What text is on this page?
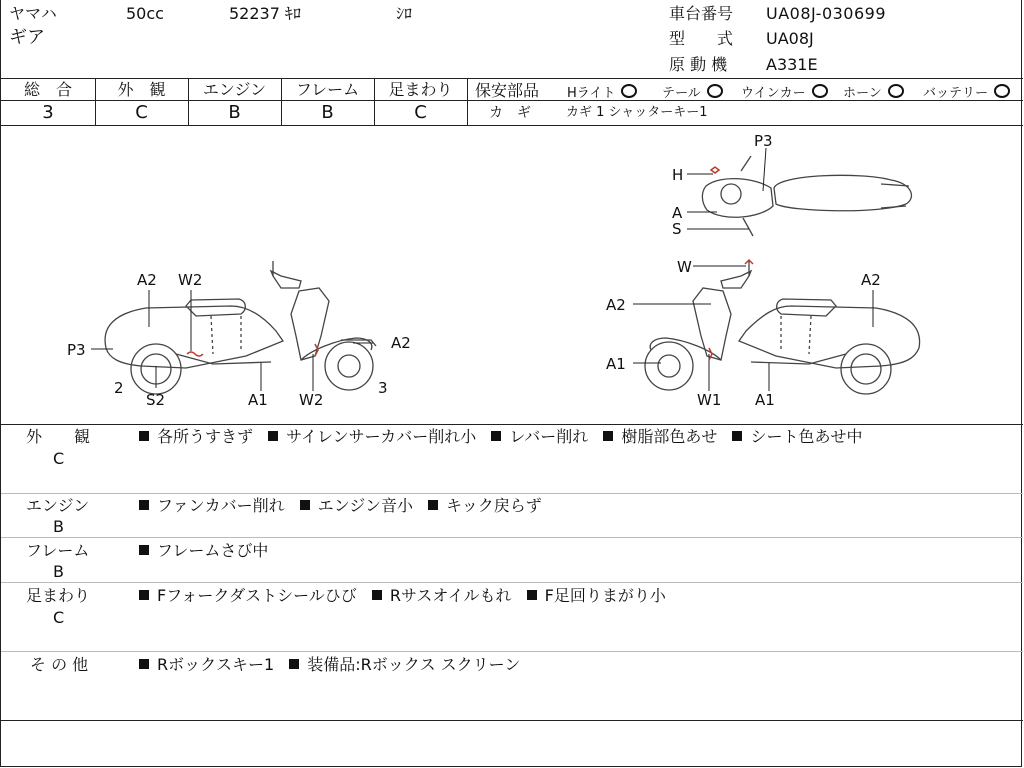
ヤマハ	50cc	52237 ｷﾛ	ｼﾛ
ギア
車台番号 UA08J-030699
型　　式 UA08J
原 動 機 A331E
総　合
3
外　観
C
エンジン
B
フレーム
B
足まわり
C
保安部品 Hライト	テール	ウインカー	ホーン	バッテリー
カ　ギ	カギ 1 シャッターキー1
A2 W2
P3	A2
2
S2	A1 W2
3
P3
H
A
S
W
A2
A2
A1
W1 A1
外　　観
C
各所うすきず サイレンサーカバー削れ小 レバー削れ 樹脂部色あせ シート色あせ中
エンジン
B
ファンカバー削れ エンジン音小 キック戻らず
フレーム
B
フレームさび中
足まわり
C
Fフォークダストシールひび Rサスオイルもれ F足回りまがり小
そ の 他	Rボックスキー1 装備品:Rボックス スクリーン
